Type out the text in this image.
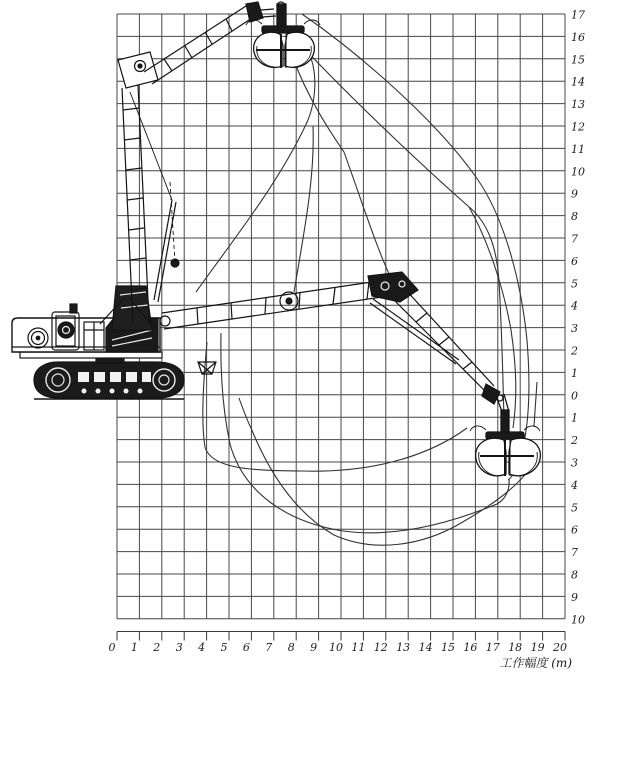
17
16
15
14
13
12
11
10
9
8
7
6
5
4
3
2
1
0
1
2
3
4
5
6
7
8
9
10
0 1 2 3 4 5 6 7 8 9 10 11 12 13 14 15 16 17 18 19 20
工作幅度 (m)
